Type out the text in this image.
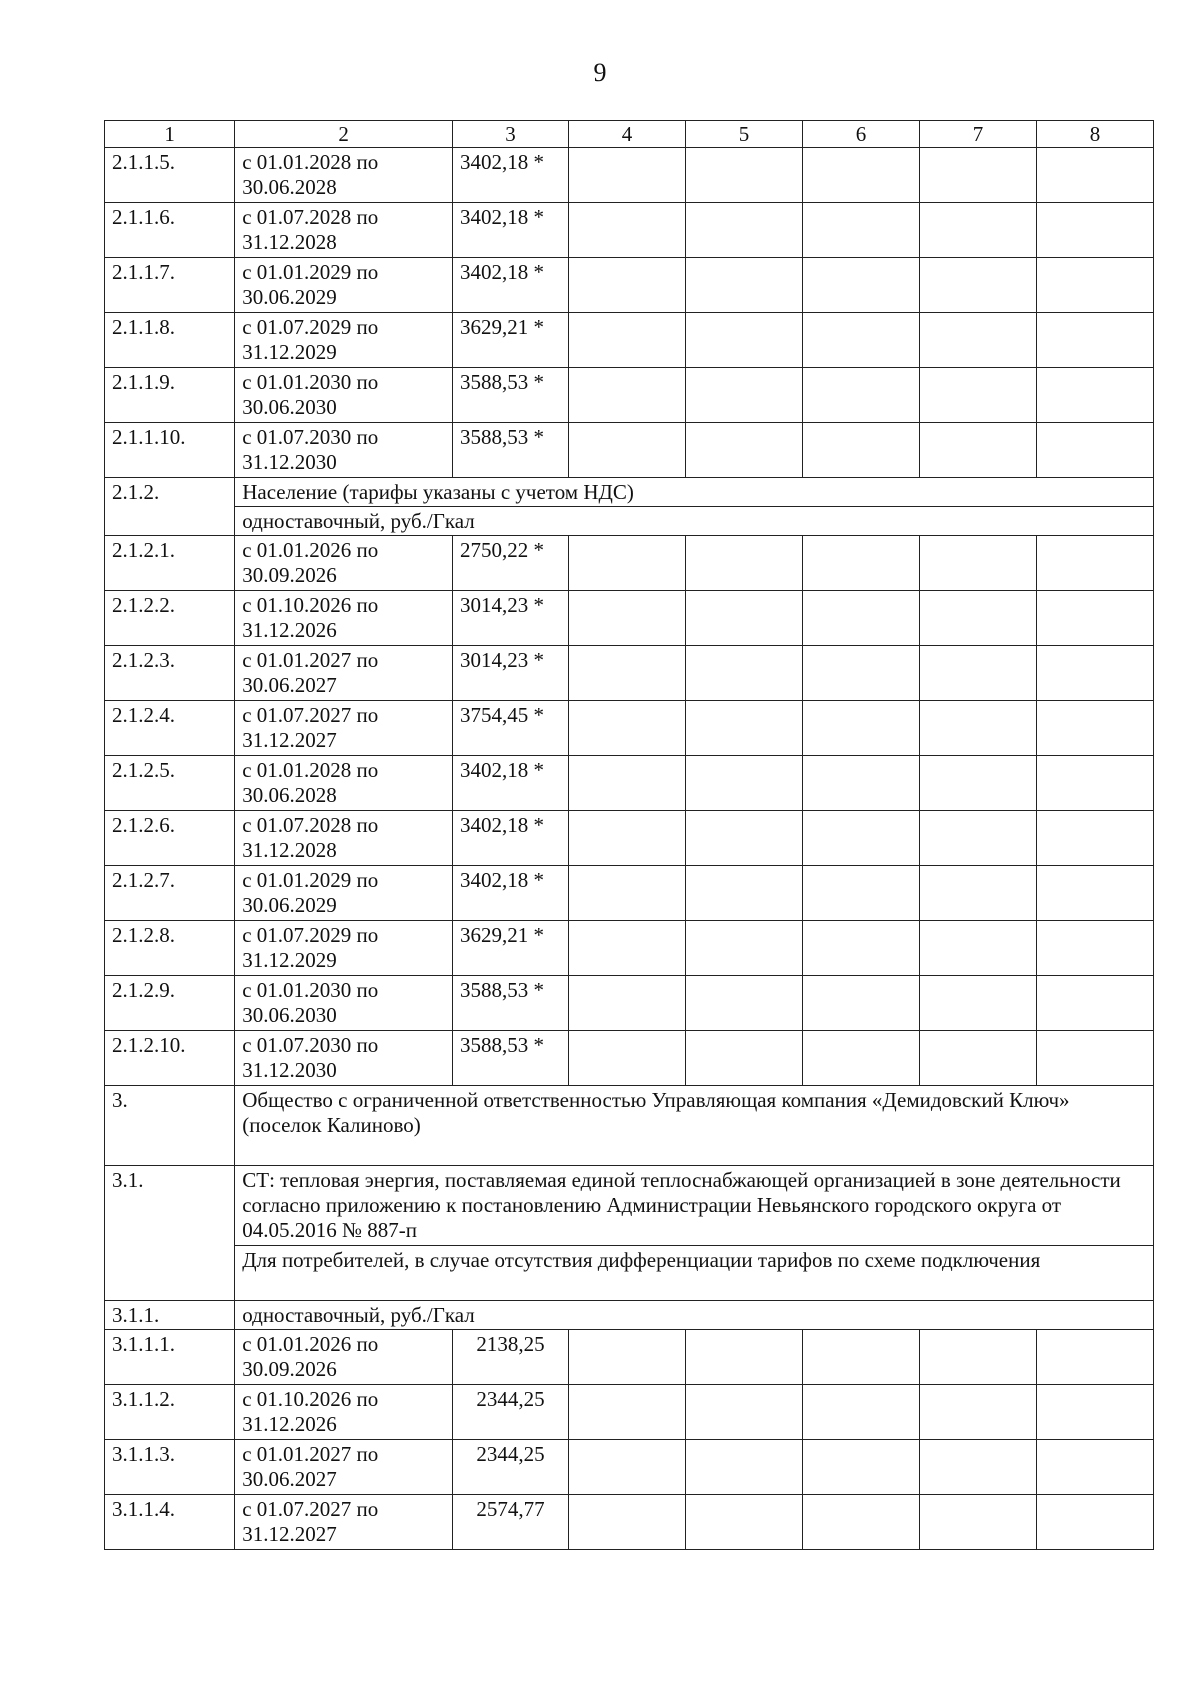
9
1	2	3	4	5	6	7	8
2.1.1.5.	с 01.01.2028 по 30.06.2028	3402,18 *					
2.1.1.6.	с 01.07.2028 по 31.12.2028	3402,18 *					
2.1.1.7.	с 01.01.2029 по 30.06.2029	3402,18 *					
2.1.1.8.	с 01.07.2029 по 31.12.2029	3629,21 *					
2.1.1.9.	с 01.01.2030 по 30.06.2030	3588,53 *					
2.1.1.10.	с 01.07.2030 по 31.12.2030	3588,53 *					
2.1.2.	Население (тарифы указаны с учетом НДС)						
	одноставочный, руб./Гкал						
2.1.2.1.	с 01.01.2026 по 30.09.2026	2750,22 *					
2.1.2.2.	с 01.10.2026 по 31.12.2026	3014,23 *					
2.1.2.3.	с 01.01.2027 по 30.06.2027	3014,23 *					
2.1.2.4.	с 01.07.2027 по 31.12.2027	3754,45 *					
2.1.2.5.	с 01.01.2028 по 30.06.2028	3402,18 *					
2.1.2.6.	с 01.07.2028 по 31.12.2028	3402,18 *					
2.1.2.7.	с 01.01.2029 по 30.06.2029	3402,18 *					
2.1.2.8.	с 01.07.2029 по 31.12.2029	3629,21 *					
2.1.2.9.	с 01.01.2030 по 30.06.2030	3588,53 *					
2.1.2.10.	с 01.07.2030 по 31.12.2030	3588,53 *					
3.	Общество с ограниченной ответственностью Управляющая компания «Демидовский Ключ» (поселок Калиново)						
3.1.	СТ: тепловая энергия, поставляемая единой теплоснабжающей организацией в зоне деятельности согласно приложению к постановлению Администрации Невьянского городского округа от 04.05.2016 № 887-п						
	Для потребителей, в случае отсутствия дифференциации тарифов по схеме подключения						
3.1.1.	одноставочный, руб./Гкал						
3.1.1.1.	с 01.01.2026 по 30.09.2026	2138,25					
3.1.1.2.	с 01.10.2026 по 31.12.2026	2344,25					
3.1.1.3.	с 01.01.2027 по 30.06.2027	2344,25					
3.1.1.4.	с 01.07.2027 по 31.12.2027	2574,77					
